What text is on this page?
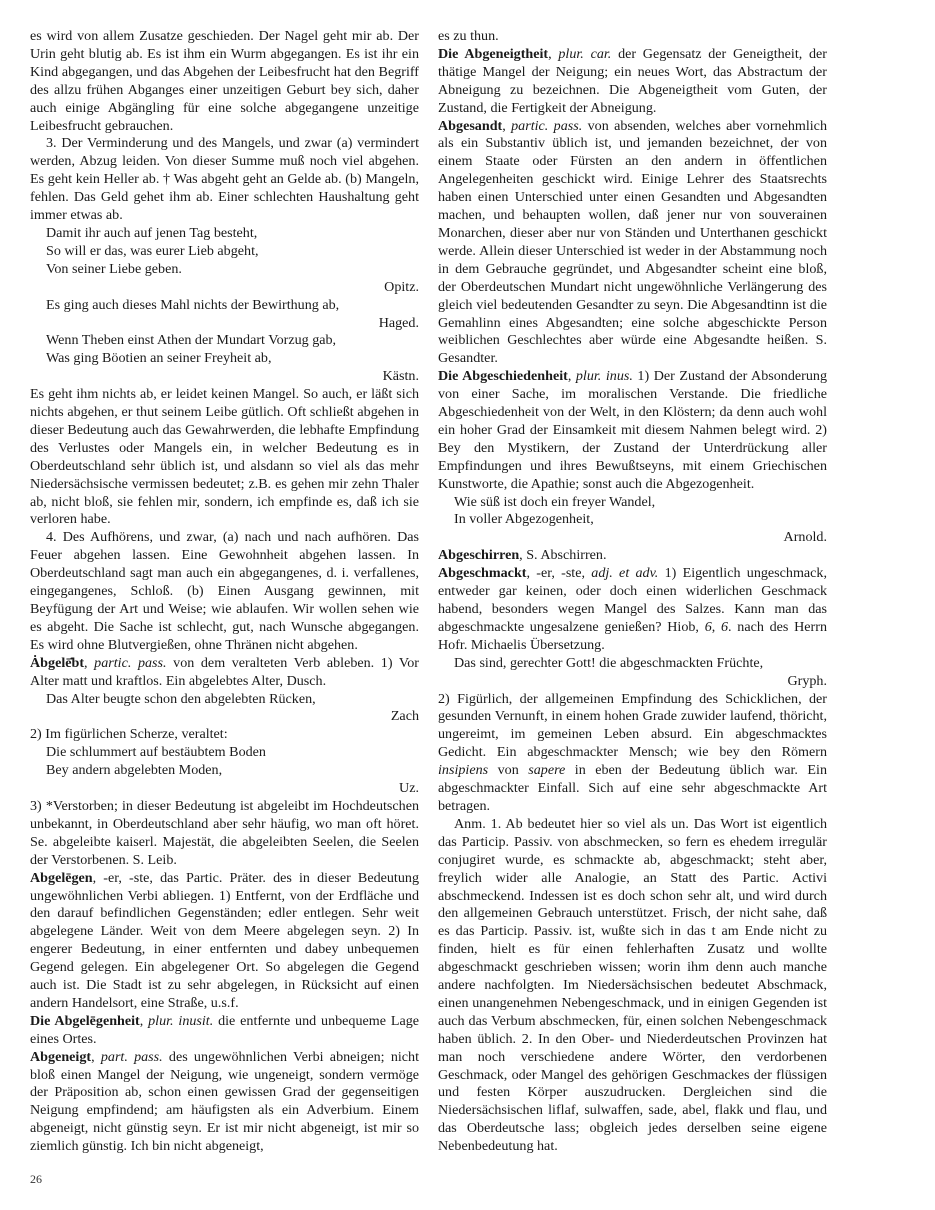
es wird von allem Zusatze geschieden. Der Nagel geht mir ab. Der Urin geht blutig ab. Es ist ihm ein Wurm abgegangen. Es ist ihr ein Kind abgegangen, und das Abgehen der Leibesfrucht hat den Begriff des allzu frühen Abganges einer unzeitigen Geburt bey sich, daher auch einige Abgängling für eine solche abgegangene unzeitige Leibesfrucht gebrauchen.

3. Der Verminderung und des Mangels, und zwar (a) vermindert werden, Abzug leiden. Von dieser Summe muß noch viel abgehen. Es geht kein Heller ab. † Was abgeht geht an Gelde ab. (b) Mangeln, fehlen. Das Geld gehet ihm ab. Einer schlechten Haushaltung geht immer etwas ab.

Damit ihr auch auf jenen Tag besteht,
So will er das, was eurer Lieb abgeht,
Von seiner Liebe geben.
Opitz.
Es ging auch dieses Mahl nichts der Bewirthung ab,
Haged.
Wenn Theben einst Athen der Mundart Vorzug gab,
Was ging Böotien an seiner Freyheit ab,
Kästn.

Es geht ihm nichts ab, er leidet keinen Mangel. So auch, er läßt sich nichts abgehen, er thut seinem Leibe gütlich. Oft schließt abgehen in dieser Bedeutung auch das Gewahrwerden, die lebhafte Empfindung des Verlustes oder Mangels ein, in welcher Bedeutung es in Oberdeutschland sehr üblich ist, und alsdann so viel als das mehr Niedersächsische vermissen bedeutet; z.B. es gehen mir zehn Thaler ab, nicht bloß, sie fehlen mir, sondern, ich empfinde es, daß ich sie verloren habe.

4. Des Aufhörens, und zwar, (a) nach und nach aufhören. Das Feuer abgehen lassen. Eine Gewohnheit abgehen lassen. In Oberdeutschland sagt man auch ein abgegangenes, d. i. verfallenes, eingegangenes, Schloß. (b) Einen Ausgang gewinnen, mit Beyfügung der Art und Weise; wie ablaufen. Wir wollen sehen wie es abgeht. Die Sache ist schlecht, gut, nach Wunsche abgegangen. Es wird ohne Blutvergießen, ohne Thränen nicht abgehen.

Ȧbgelē̇bt, partic. pass. von dem veralteten Verb ableben. 1) Vor Alter matt und kraftlos. Ein abgelebtes Alter, Dusch.

Das Alter beugte schon den abgelebten Rücken,
Zach

2) Im figürlichen Scherze, veraltet:

Die schlummert auf bestäubtem Boden
Bey andern abgelebten Moden,
Uz.

3) *Verstorben; in dieser Bedeutung ist abgeleibt im Hochdeutschen unbekannt, in Oberdeutschland aber sehr häufig, wo man oft höret. Se. abgeleibte kaiserl. Majestät, die abgeleibten Seelen, die Seelen der Verstorbenen. S. Leib.

Abgelēgen, -er, -ste, das Partic. Präter. des in dieser Bedeutung ungewöhnlichen Verbi abliegen. 1) Entfernt, von der Erdfläche und den darauf befindlichen Gegenständen; edler entlegen. Sehr weit abgelegene Länder. Weit von dem Meere abgelegen seyn. 2) In engerer Bedeutung, in einer entfernten und dabey unbequemen Gegend gelegen. Ein abgelegener Ort. So abgelegen die Gegend auch ist. Die Stadt ist zu sehr abgelegen, in Rücksicht auf einen andern Handelsort, eine Straße, u.s.f.

Die Abgelēgenheit, plur. inusit. die entfernte und unbequeme Lage eines Ortes.

Abgeneigt, part. pass. des ungewöhnlichen Verbi abneigen; nicht bloß einen Mangel der Neigung, wie ungeneigt, sondern vermöge der Präposition ab, schon einen gewissen Grad der gegenseitigen Neigung empfindend; am häufigsten als ein Adverbium. Einem abgeneigt, nicht günstig seyn. Er ist mir nicht abgeneigt, ist mir so ziemlich günstig. Ich bin nicht abgeneigt,

es zu thun.

Die Abgeneigtheit, plur. car. der Gegensatz der Geneigtheit, der thätige Mangel der Neigung; ein neues Wort, das Abstractum der Abneigung zu bezeichnen. Die Abgeneigtheit vom Guten, der Zustand, die Fertigkeit der Abneigung.

Abgesandt, partic. pass. von absenden, welches aber vornehmlich als ein Substantiv üblich ist, und jemanden bezeichnet, der von einem Staate oder Fürsten an den andern in öffentlichen Angelegenheiten geschickt wird. Einige Lehrer des Staatsrechts haben einen Unterschied unter einen Gesandten und Abgesandten machen, und behaupten wollen, daß jener nur von souverainen Monarchen, dieser aber nur von Ständen und Unterthanen geschickt werde. Allein dieser Unterschied ist weder in der Abstammung noch in dem Gebrauche gegründet, und Abgesandter scheint eine bloß, der Oberdeutschen Mundart nicht ungewöhnliche Verlängerung des gleich viel bedeutenden Gesandter zu seyn. Die Abgesandtinn ist die Gemahlinn eines Abgesandten; eine solche abgeschickte Person weiblichen Geschlechtes aber würde eine Abgesandte heißen. S. Gesandter.

Die Abgeschiedenheit, plur. inus. 1) Der Zustand der Absonderung von einer Sache, im moralischen Verstande. Die friedliche Abgeschiedenheit von der Welt, in den Klöstern; da denn auch wohl ein hoher Grad der Einsamkeit mit diesem Nahmen belegt wird. 2) Bey den Mystikern, der Zustand der Unterdrückung aller Empfindungen und ihres Bewußtseyns, mit einem Griechischen Kunstworte, die Apathie; sonst auch die Abgezogenheit.

Wie süß ist doch ein freyer Wandel,
In voller Abgezogenheit,
Arnold.

Abgeschirren, S. Abschirren.

Abgeschmackt, -er, -ste, adj. et adv. 1) Eigentlich ungeschmack, entweder gar keinen, oder doch einen widerlichen Geschmack habend, besonders wegen Mangel des Salzes. Kann man das abgeschmackte ungesalzene genießen? Hiob, 6, 6. nach des Herrn Hofr. Michaelis Übersetzung.

Das sind, gerechter Gott! die abgeschmackten Früchte,
Gryph.

2) Figürlich, der allgemeinen Empfindung des Schicklichen, der gesunden Vernunft, in einem hohen Grade zuwider laufend, thöricht, ungereimt, im gemeinen Leben absurd. Ein abgeschmacktes Gedicht. Ein abgeschmackter Mensch; wie bey den Römern insipiens von sapere in eben der Bedeutung üblich war. Ein abgeschmackter Einfall. Sich auf eine sehr abgeschmackte Art betragen.

Anm. 1. Ab bedeutet hier so viel als un. Das Wort ist eigentlich das Particip. Passiv. von abschmecken, so fern es ehedem irregulär conjugiret wurde, es schmackte ab, abgeschmackt; steht aber, freylich wider alle Analogie, an Statt des Partic. Activi abschmeckend. Indessen ist es doch schon sehr alt, und wird durch den allgemeinen Gebrauch unterstützet. Frisch, der nicht sahe, daß es das Particip. Passiv. ist, wußte sich in das t am Ende nicht zu finden, hielt es für einen fehlerhaften Zusatz und wollte abgeschmackt geschrieben wissen; worin ihm denn auch manche andere nachfolgten. Im Niedersächsischen bedeutet Abschmack, einen unangenehmen Nebengeschmack, und in einigen Gegenden ist auch das Verbum abschmecken, für, einen solchen Nebengeschmack haben üblich. 2. In den Ober- und Niederdeutschen Provinzen hat man noch verschiedene andere Wörter, den verdorbenen Geschmack, oder Mangel des gehörigen Geschmackes der flüssigen und festen Körper auszudrucken. Dergleichen sind die Niedersächsischen liflaf, sulwaffen, sade, abel, flakk und flau, und das Oberdeutsche lass; obgleich jedes derselben seine eigene Nebenbedeutung hat.

26
